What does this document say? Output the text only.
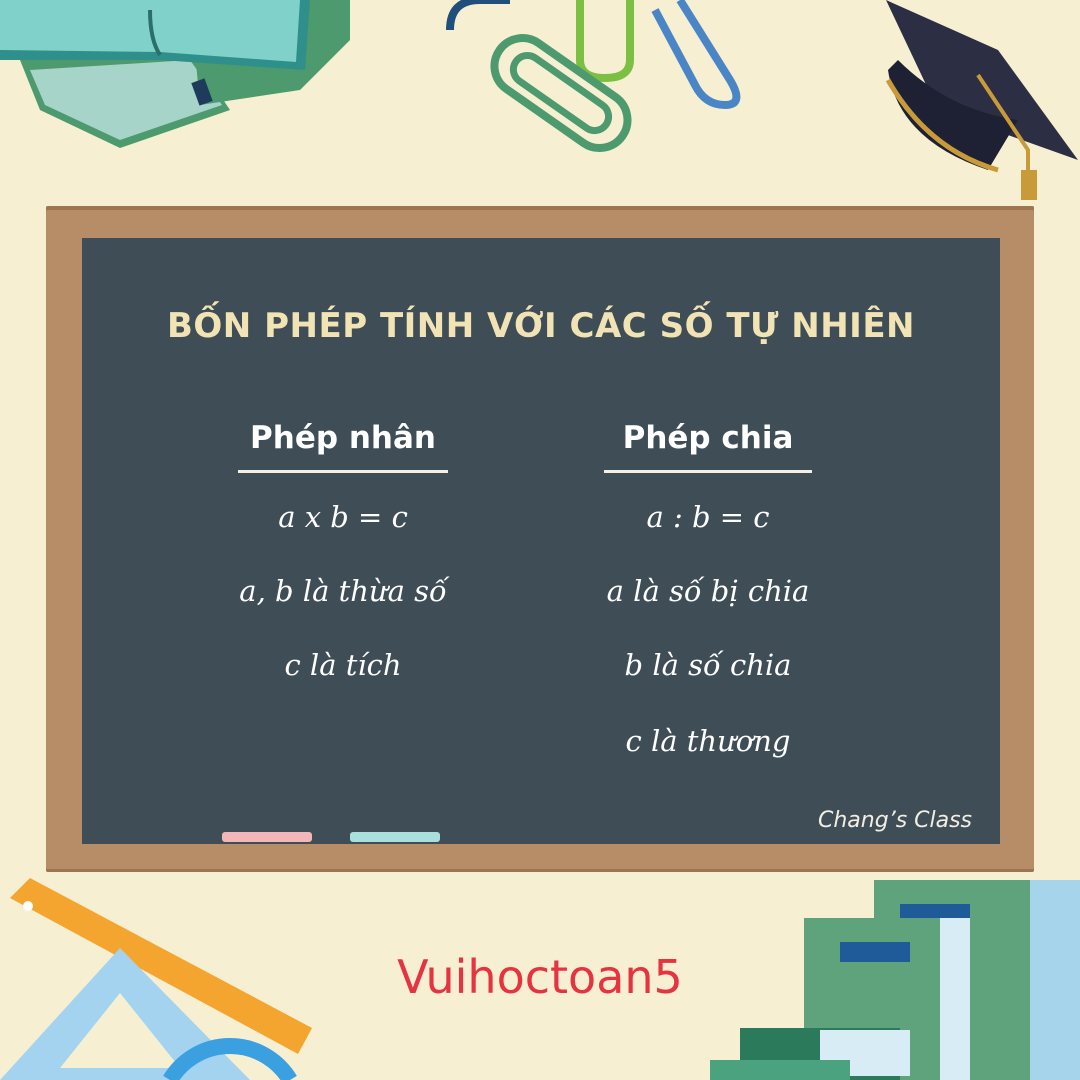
BỐN PHÉP TÍNH VỚI CÁC SỐ TỰ NHIÊN
Phép nhân
a x b = c
a, b là thừa số
c là tích
Phép chia
a : b = c
a là số bị chia
b là số chia
c là thương
Chang’s Class
Vuihoctoan5
